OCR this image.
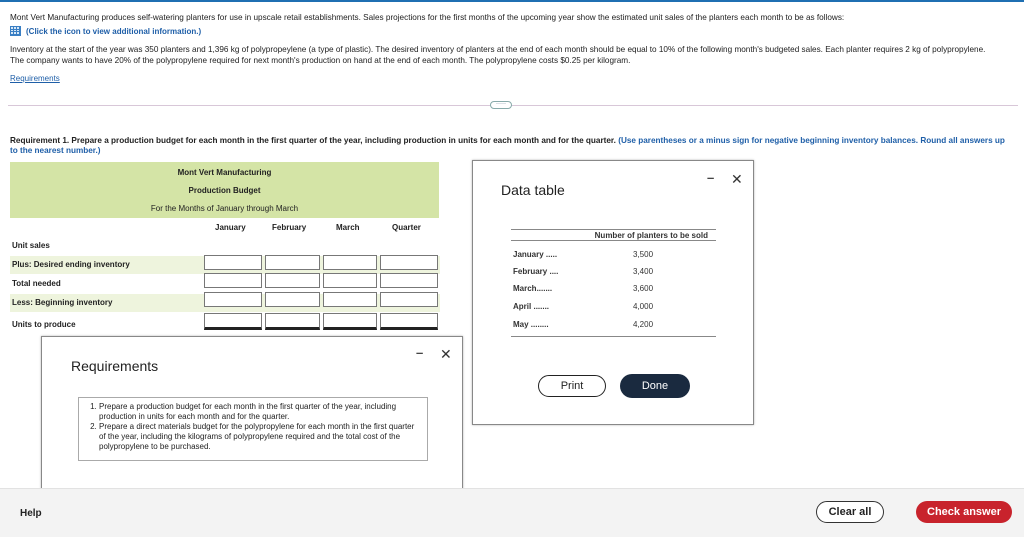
Mont Vert Manufacturing produces self-watering planters for use in upscale retail establishments. Sales projections for the first months of the upcoming year show the estimated unit sales of the planters each month to be as follows:

(Click the icon to view additional information.)

Inventory at the start of the year was 350 planters and 1,396 kg of polypropeylene (a type of plastic). The desired inventory of planters at the end of each month should be equal to 10% of the following month's budgeted sales. Each planter requires 2 kg of polypropylene. The company wants to have 20% of the polypropylene required for next month's production on hand at the end of each month. The polypropylene costs $0.25 per kilogram.

Requirements
·····
Requirement 1. Prepare a production budget for each month in the first quarter of the year, including production in units for each month and for the quarter. (Use parentheses or a minus sign for negative beginning inventory balances. Round all answers up to the nearest number.)
Mont Vert Manufacturing
Production Budget
For the Months of January through March
January	February	March	Quarter
Unit sales
Plus: Desired ending inventory
Total needed
Less: Beginning inventory
Units to produce
Data table
– ✕
Number of planters to be sold
January .....	3,500
February ....	3,400
March.......	3,600
April .......	4,000
May ........	4,200
Print	Done
Requirements
– ✕
1. Prepare a production budget for each month in the first quarter of the year, including production in units for each month and for the quarter.
2. Prepare a direct materials budget for the polypropylene for each month in the first quarter of the year, including the kilograms of polypropylene required and the total cost of the polypropylene to be purchased.
Help	Clear all	Check answer
